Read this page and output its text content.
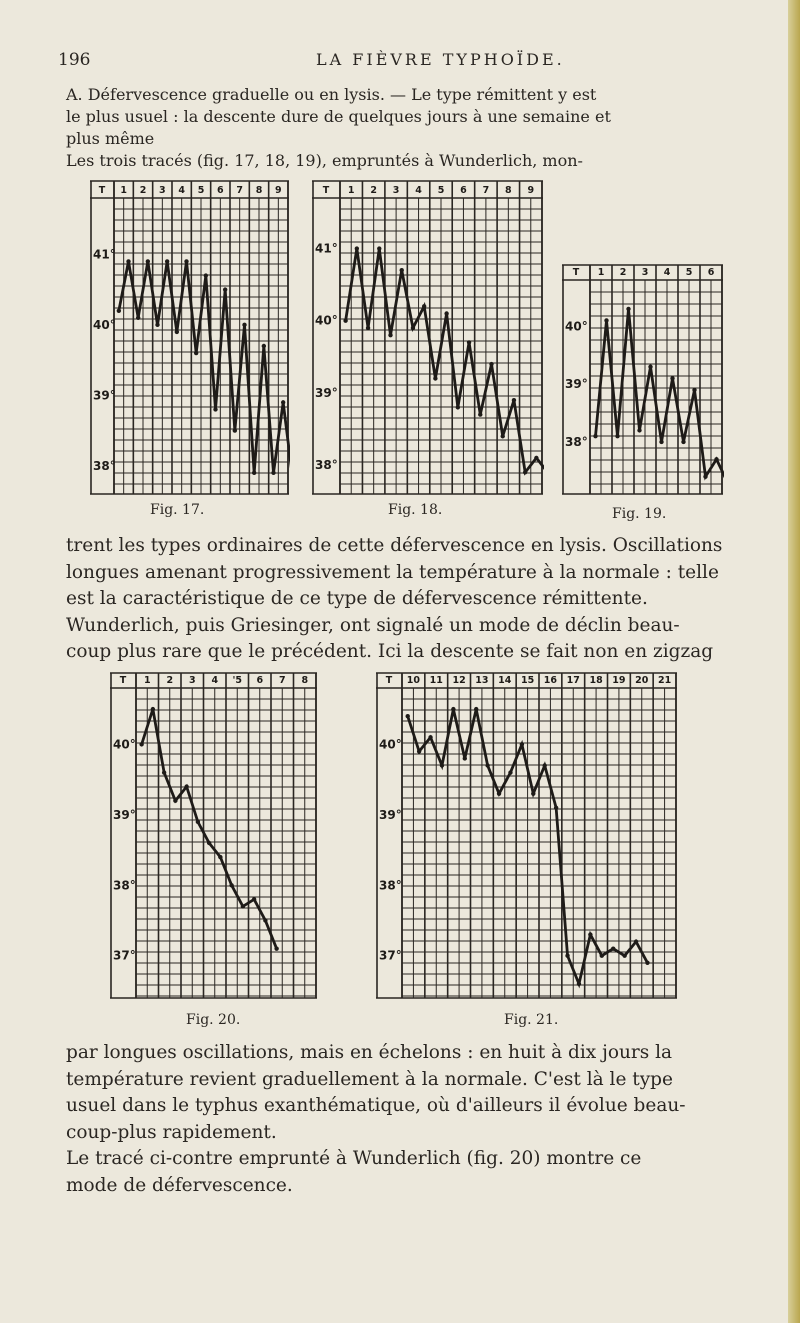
196	LA FIÈVRE TYPHOÏDE.

A. Défervescence graduelle ou en lysis. — Le type rémittent y est

le plus usuel : la descente dure de quelques jours à une semaine et

plus même

Les trois tracés (fig. 17, 18, 19), empruntés à Wunderlich, mon-

T 1 2 3 4 5 6 7 8 9
41°
40°
39°
38°
Fig. 17.
T 1 2 3 4 5 6 7 8 9
41°
40°
39°
38°
Fig. 18.
T 1 2 3 4 5 6
40°
39°
38°
Fig. 19.

trent les types ordinaires de cette défervescence en lysis. Oscillations

longues amenant progressivement la température à la normale : telle

est la caractéristique de ce type de défervescence rémittente.

Wunderlich, puis Griesinger, ont signalé un mode de déclin beau-

coup plus rare que le précédent. Ici la descente se fait non en zigzag

T 1 2 3 4 '5 6 7 8
40°
39°
38°
37°
Fig. 20.
T 10 11 12 13 14 15 16 17 18 19 20 21
40°
39°
38°
37°
Fig. 21.

par longues oscillations, mais en échelons : en huit à dix jours la

température revient graduellement à la normale. C'est là le type

usuel dans le typhus exanthématique, où d'ailleurs il évolue beau-

coup-plus rapidement.

Le tracé ci-contre emprunté à Wunderlich (fig. 20) montre ce

mode de défervescence.
